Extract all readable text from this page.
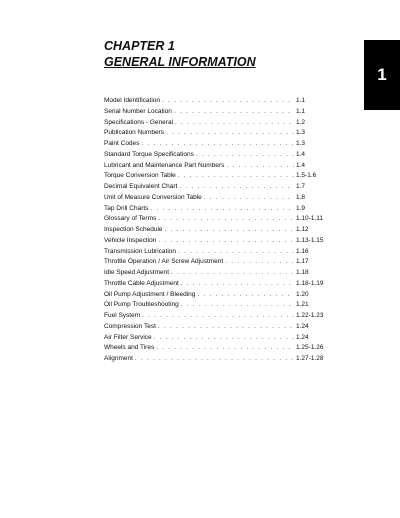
CHAPTER 1
GENERAL INFORMATION
1
Model Identification . . .	1.1
Serial Number Location . . .	1.1
Specifications - General . . .	1.2
Publication Numbers . . .	1.3
Paint Codes . . .	1.3
Standard Torque Specifications . . .	1.4
Lubricant and Maintenance Part Numbers . . .	1.4
Torque Conversion Table . . .	1.5-1.6
Decimal Equivalent Chart . . .	1.7
Unit of Measure Conversion Table . . .	1.8
Tap Drill Charts . . .	1.9
Glossary of Terms . . .	1.10-1.11
Inspection Schedule . . .	1.12
Vehicle Inspection . . .	1.13-1.15
Transmission Lubrication . . .	1.16
Throttle Operation / Air Screw Adjustment . . .	1.17
Idle Speed Adjustment . . .	1.18
Throttle Cable Adjustment . . .	1.18-1.19
Oil Pump Adjustment / Bleeding . . .	1.20
Oil Pump Troubleshooting . . .	1.21
Fuel System . . .	1.22-1.23
Compression Test . . .	1.24
Air Filter Service . . .	1.24
Wheels and Tires . . .	1.25-1.26
Alignment . . .	1.27-1.28
